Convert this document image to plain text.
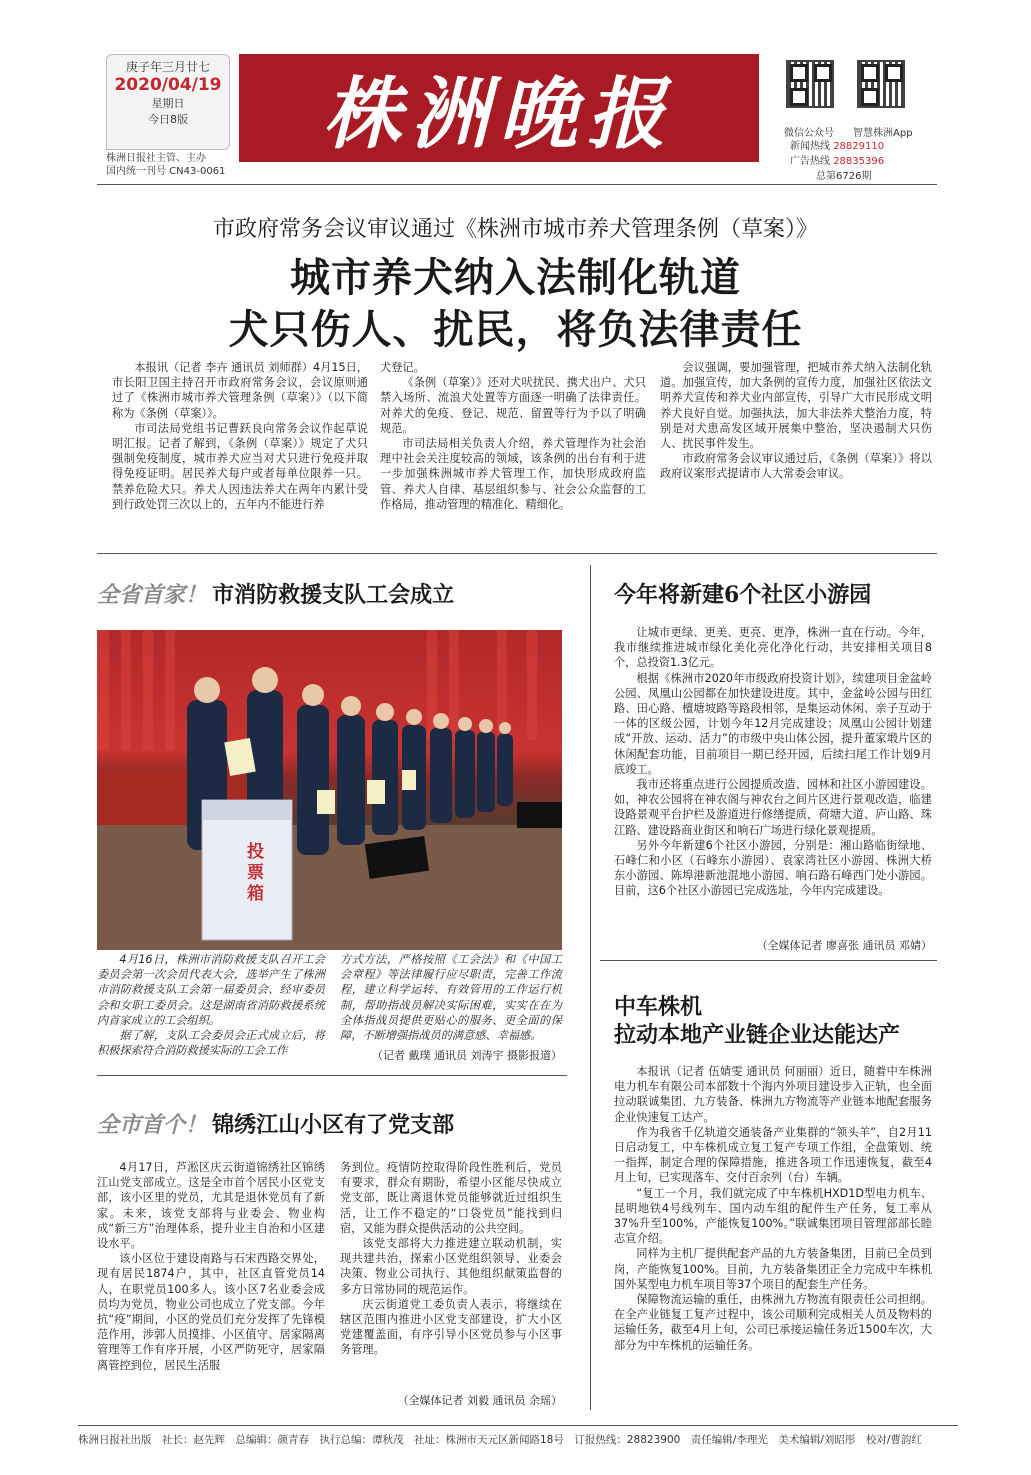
庚子年三月廿七
2020/04/19
星期日
今日8版
株洲日报社主管、主办
国内统一刊号 CN43-0061
株洲晚报	微信公众号 智慧株洲App
新闻热线 28829110
广告热线 28835396
总第6726期
市政府常务会议审议通过《株洲市城市养犬管理条例（草案）》
城市养犬纳入法制化轨道
犬只伤人、扰民，将负法律责任

本报讯（记者 李卉 通讯员 刘师群）4月15日，市长阳卫国主持召开市政府常务会议，会议原则通过了《株洲市城市养犬管理条例（草案）》（以下简称为《条例（草案）》。

市司法局党组书记曹跃良向常务会议作起草说明汇报。记者了解到，《条例（草案）》规定了犬只强制免疫制度，城市养犬应当对犬只进行免疫并取得免疫证明。居民养犬每户或者每单位限养一只。禁养危险犬只。养犬人因违法养犬在两年内累计受到行政处罚三次以上的，五年内不能进行养

犬登记。

《条例（草案）》还对犬吠扰民、携犬出户、犬只禁入场所、流浪犬处置等方面逐一明确了法律责任。对养犬的免疫、登记、规范、留置等行为予以了明确规范。

市司法局相关负责人介绍，养犬管理作为社会治理中社会关注度较高的领域，该条例的出台有利于进一步加强株洲城市养犬管理工作，加快形成政府监管、养犬人自律、基层组织参与、社会公众监督的工作格局，推动管理的精准化、精细化。

会议强调，要加强管理，把城市养犬纳入法制化轨道。加强宣传，加大条例的宣传力度，加强社区依法文明养犬宣传和养犬业内部宣传，引导广大市民形成文明养犬良好自觉。加强执法，加大非法养犬整治力度，特别是对犬患高发区域开展集中整治，坚决遏制犬只伤人、扰民事件发生。

市政府常务会议审议通过后，《条例（草案）》将以政府议案形式提请市人大常委会审议。

全省首家！ 市消防救援支队工会成立
投票箱

4月16日，株洲市消防救援支队召开工会委员会第一次会员代表大会，选举产生了株洲市消防救援支队工会第一届委员会、经审委员会和女职工委员会。这是湖南省消防救援系统内首家成立的工会组织。

据了解，支队工会委员会正式成立后，将积极探索符合消防救援实际的工会工作

方式方法，严格按照《工会法》和《中国工会章程》等法律履行应尽职责，完善工作流程，建立科学运转、有效管用的工作运行机制，帮助指战员解决实际困难，实实在在为全体指战员提供更贴心的服务、更全面的保障，不断增强指战员的满意感、幸福感。

（记者 戴璞 通讯员 刘涛宇 摄影报道）
全市首个！ 锦绣江山小区有了党支部

4月17日，芦淞区庆云街道锦绣社区锦绣江山党支部成立。这是全市首个居民小区党支部，该小区里的党员，尤其是退休党员有了新家。未来，该党支部将与业委会、物业构成“新三方”治理体系，提升业主自治和小区建设水平。

该小区位于建设南路与石宋西路交界处，现有居民1874户，其中，社区直管党员14人，在职党员100多人。该小区7名业委会成员均为党员，物业公司也成立了党支部。今年抗“疫”期间，小区的党员们充分发挥了先锋模范作用，涉郭人员摸排、小区值守、居家隔离管理等工作有序开展，小区严防死守，居家隔离管控到位，居民生活服

务到位。疫情防控取得阶段性胜利后，党员有要求，群众有期盼，希望小区能尽快成立党支部，既让离退休党员能够就近过组织生活，让工作不稳定的“口袋党员”能找到归宿，又能为群众提供活动的公共空间。

该党支部将大力推进建立联动机制，实现共建共治，探索小区党组织领导、业委会决策、物业公司执行、其他组织献策监督的多方日常协同的规范运作。

庆云街道党工委负责人表示，将继续在辖区范围内推进小区党支部建设，扩大小区党建覆盖面，有序引导小区党员参与小区事务管理。

（全媒体记者 刘毅 通讯员 余瑶）
今年将新建6个社区小游园

让城市更绿、更美、更亮、更净，株洲一直在行动。今年，我市继续推进城市绿化美化亮化净化行动，共安排相关项目8个，总投资1.3亿元。

根据《株洲市2020年市级政府投资计划》，续建项目金盆岭公园、凤凰山公园都在加快建设进度。其中，金盆岭公园与田红路、田心路、檀塘坡路等路段相邻，是集运动休闲、亲子互动于一体的区级公园，计划今年12月完成建设；凤凰山公园计划建成“开放、运动、活力”的市级中央山体公园，提升董家塅片区的休闲配套功能，目前项目一期已经开园，后续扫尾工作计划9月底竣工。

我市还将重点进行公园提质改造、园林和社区小游园建设。如，神农公园将在神农阁与神农台之间片区进行景观改造，临建设路景观平台护栏及游道进行修缮提质，荷塘大道、庐山路、珠江路、建设路商业街区和响石广场进行绿化景观提质。

另外今年新建6个社区小游园，分别是：湘山路临街绿地、石峰仁和小区（石峰东小游园）、袁家湾社区小游园、株洲大桥东小游园、陈埠港新池混地小游园、响石路石峰西门处小游园。目前，这6个社区小游园已完成选址，今年内完成建设。

（全媒体记者 廖喜张 通讯员 邓婧）
中车株机
拉动本地产业链企业达能达产

本报讯（记者 伍婧雯 通讯员 何丽丽）近日，随着中车株洲电力机车有限公司本部数十个海内外项目建设步入正轨，也全面拉动联诚集团、九方装备、株洲九方物流等产业链本地配套服务企业快速复工达产。

作为我省千亿轨道交通装备产业集群的“领头羊”，自2月11日启动复工，中车株机成立复工复产专项工作组，全盘策划、统一指挥，制定合理的保障措施，推进各项工作迅速恢复，截至4月上旬，已实现落车、交付百余列（台）车辆。

“复工一个月，我们就完成了中车株机HXD1D型电力机车、昆明地铁4号线列车、国内动车组的配件生产任务，复工率从37%升至100%，产能恢复100%。”联诚集团项目管理部部长睦志宣介绍。

同样为主机厂提供配套产品的九方装备集团，目前已全员到岗，产能恢复100%。目前，九方装备集团正全力完成中车株机国外某型电力机车项目等37个项目的配套生产任务。

保障物流运输的重任，由株洲九方物流有限责任公司担纲。在全产业链复工复产过程中，该公司顺利完成相关人员及物料的运输任务，截至4月上旬，公司已承接运输任务近1500车次，大部分为中车株机的运输任务。

株洲日报社出版　社长：赵先辉　总编辑：颜青春　执行总编：谭秋茂　社址：株洲市天元区新闻路18号　订报热线：28823900　责任编辑/李理光　美术编辑/刘昭彤　校对/曹韵红
